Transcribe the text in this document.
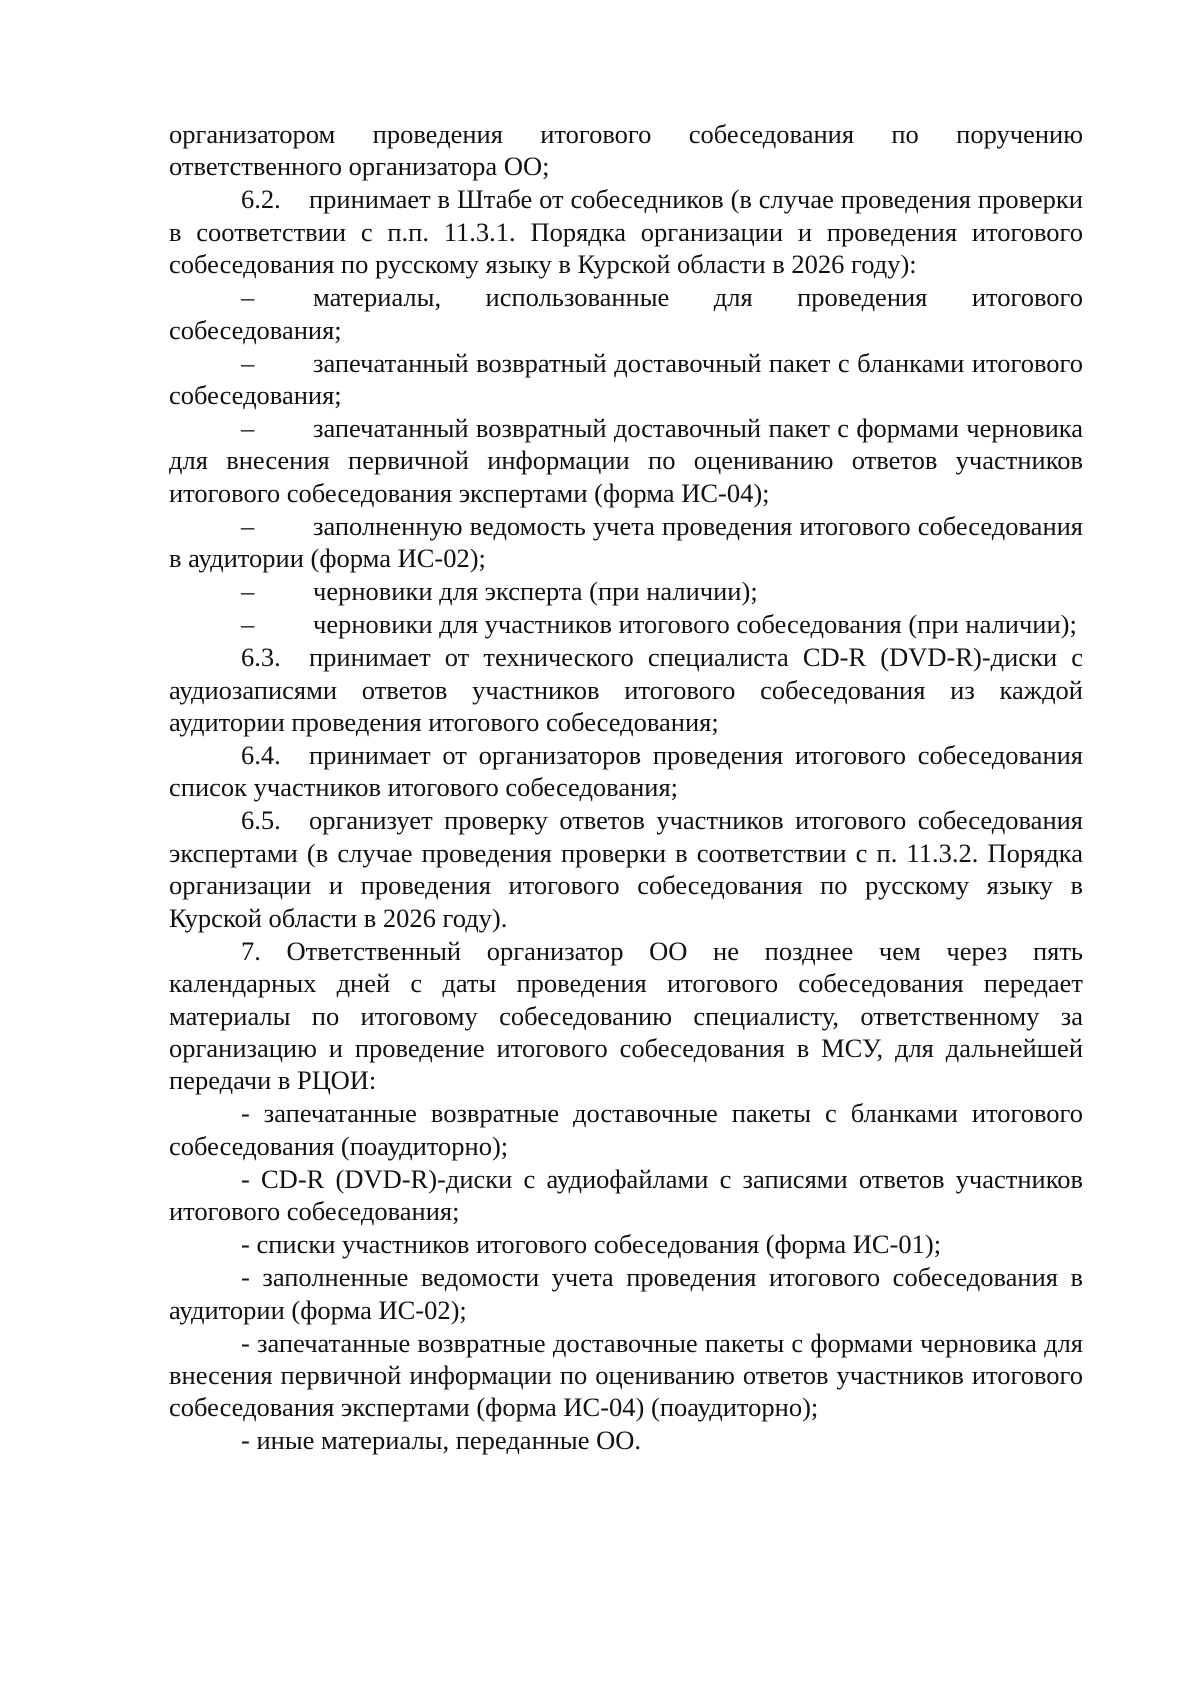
организатором проведения итогового собеседования по поручению ответственного организатора ОО;

6.2. принимает в Штабе от собеседников (в случае проведения проверки в соответствии с п.п. 11.3.1. Порядка организации и проведения итогового собеседования по русскому языку в Курской области в 2026 году):

– материалы, использованные для проведения итогового собеседования;

– запечатанный возвратный доставочный пакет с бланками итогового собеседования;

– запечатанный возвратный доставочный пакет с формами черновика для внесения первичной информации по оцениванию ответов участников итогового собеседования экспертами (форма ИС-04);

– заполненную ведомость учета проведения итогового собеседования в аудитории (форма ИС-02);

– черновики для эксперта (при наличии);

– черновики для участников итогового собеседования (при наличии);

6.3. принимает от технического специалиста CD-R (DVD-R)-диски с аудиозаписями ответов участников итогового собеседования из каждой аудитории проведения итогового собеседования;

6.4. принимает от организаторов проведения итогового собеседования список участников итогового собеседования;

6.5. организует проверку ответов участников итогового собеседования экспертами (в случае проведения проверки в соответствии с п. 11.3.2. Порядка организации и проведения итогового собеседования по русскому языку в Курской области в 2026 году).

7. Ответственный организатор ОО не позднее чем через пять календарных дней с даты проведения итогового собеседования передает материалы по итоговому собеседованию специалисту, ответственному за организацию и проведение итогового собеседования в МСУ, для дальнейшей передачи в РЦОИ:

- запечатанные возвратные доставочные пакеты с бланками итогового собеседования (поаудиторно);

- CD-R (DVD-R)-диски с аудиофайлами с записями ответов участников итогового собеседования;

- списки участников итогового собеседования (форма ИС-01);

- заполненные ведомости учета проведения итогового собеседования в аудитории (форма ИС-02);

- запечатанные возвратные доставочные пакеты с формами черновика для внесения первичной информации по оцениванию ответов участников итогового собеседования экспертами (форма ИС-04) (поаудиторно);

- иные материалы, переданные ОО.
